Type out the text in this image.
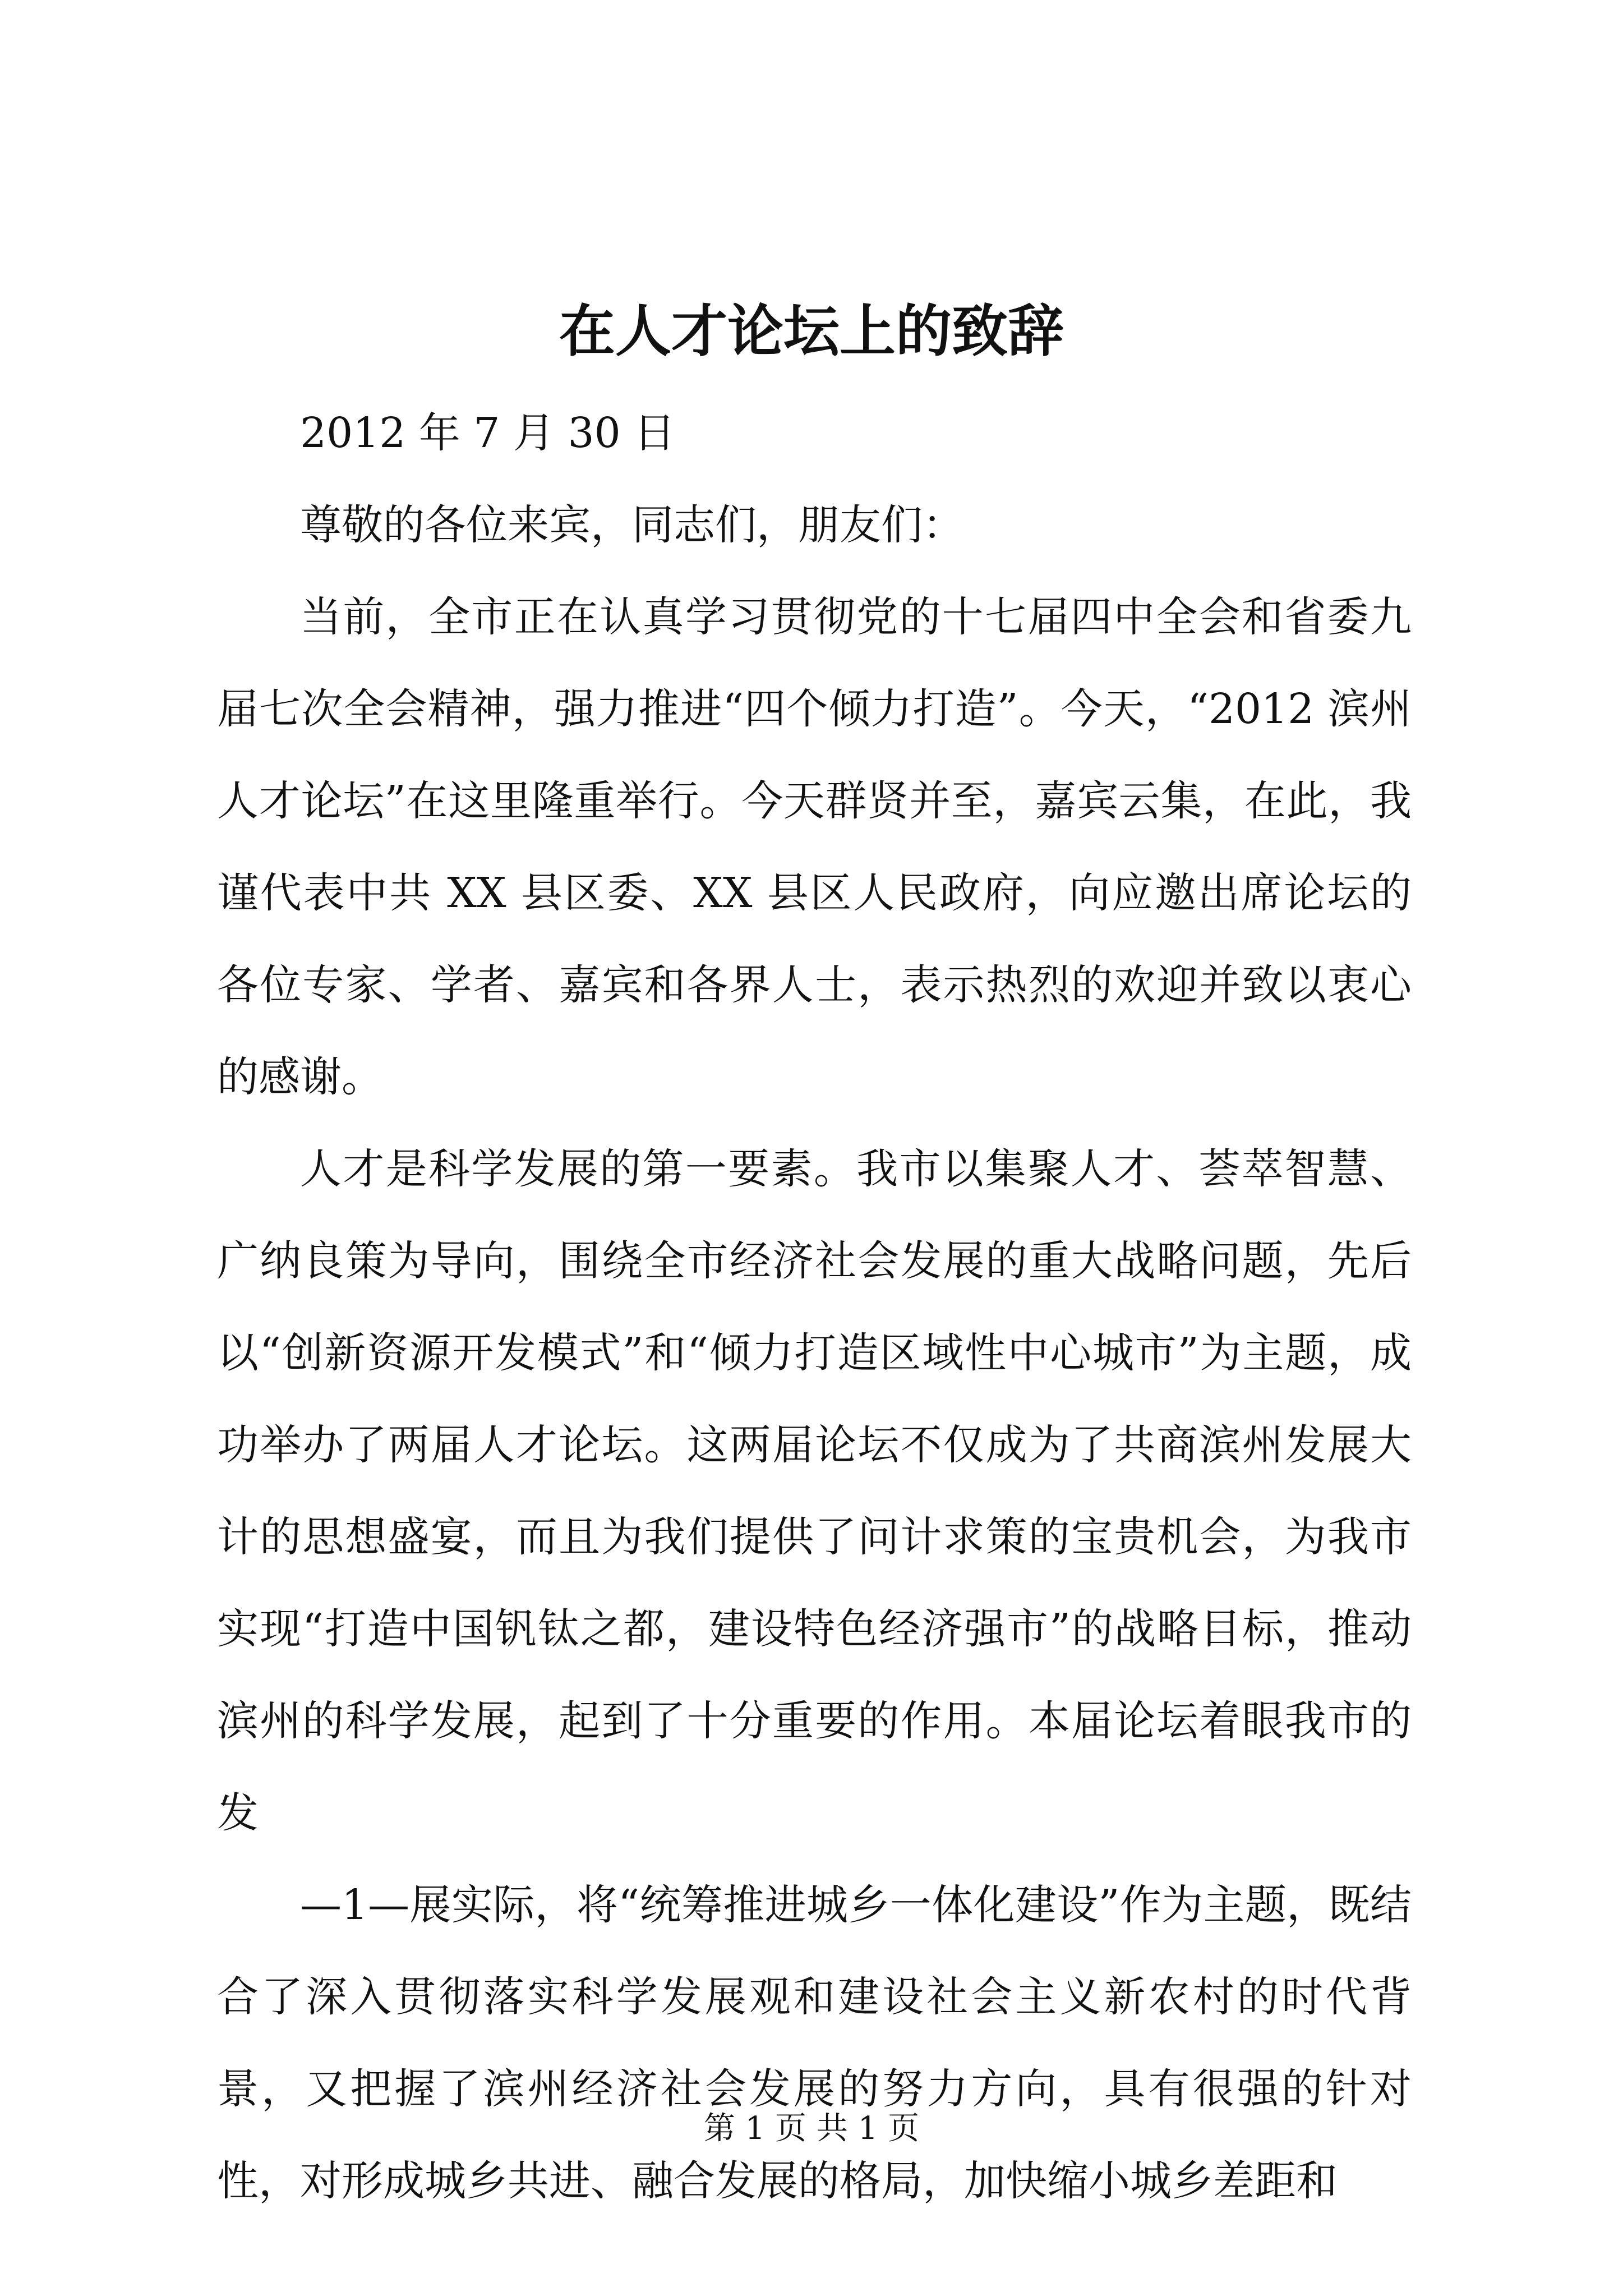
在人才论坛上的致辞

2012 年 7 月 30 日

尊敬的各位来宾，同志们，朋友们：

当前，全市正在认真学习贯彻党的十七届四中全会和省委九届七次全会精神，强力推进“四个倾力打造”。今天，“2012 滨州人才论坛”在这里隆重举行。今天群贤并至，嘉宾云集，在此，我谨代表中共 XX 县区委、XX 县区人民政府，向应邀出席论坛的各位专家、学者、嘉宾和各界人士，表示热烈的欢迎并致以衷心的感谢。

人才是科学发展的第一要素。我市以集聚人才、荟萃智慧、广纳良策为导向，围绕全市经济社会发展的重大战略问题，先后以“创新资源开发模式”和“倾力打造区域性中心城市”为主题，成功举办了两届人才论坛。这两届论坛不仅成为了共商滨州发展大计的思想盛宴，而且为我们提供了问计求策的宝贵机会，为我市实现“打造中国钒钛之都，建设特色经济强市”的战略目标，推动滨州的科学发展，起到了十分重要的作用。本届论坛着眼我市的发

—1—展实际，将“统筹推进城乡一体化建设”作为主题，既结合了深入贯彻落实科学发展观和建设社会主义新农村的时代背景，又把握了滨州经济社会发展的努力方向，具有很强的针对性，对形成城乡共进、融合发展的格局，加快缩小城乡差距和

第 1 页 共 1 页
